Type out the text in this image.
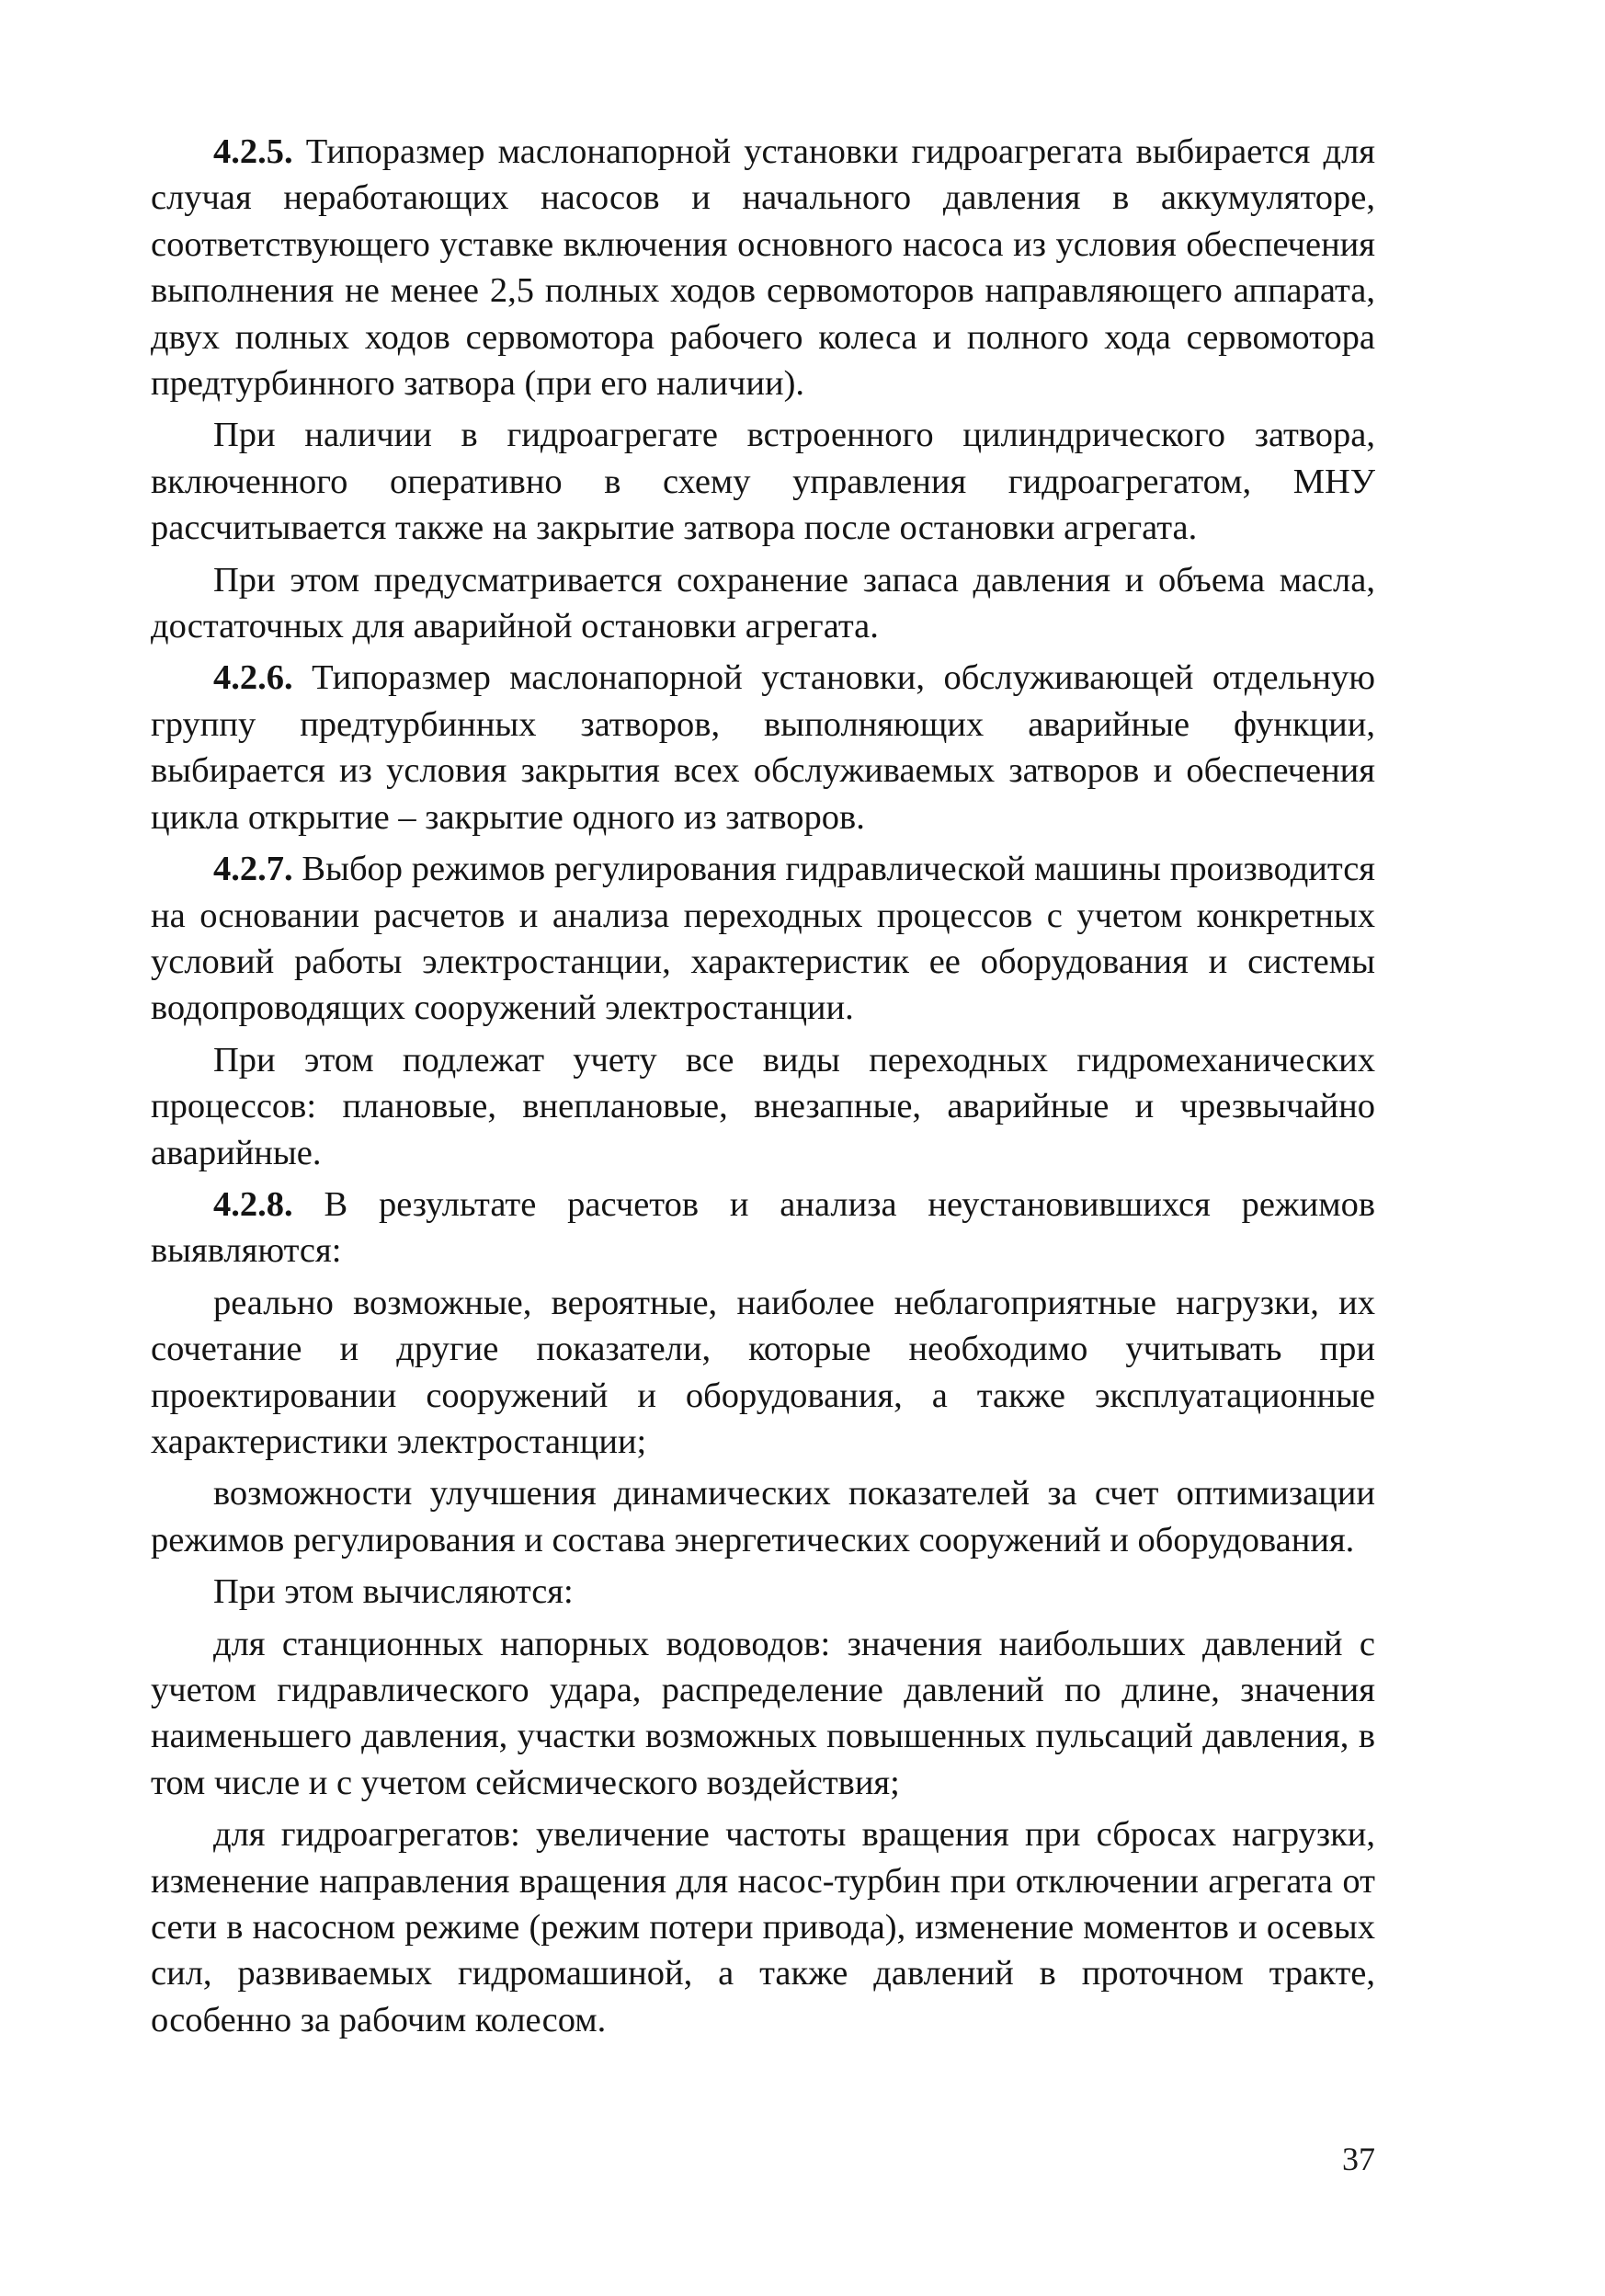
4.2.5. Типоразмер маслонапорной установки гидроагрегата выбирается для случая неработающих насосов и начального давления в аккумуляторе, соответствующего уставке включения основного насоса из условия обеспечения выполнения не менее 2,5 полных ходов сервомоторов направляющего аппарата, двух полных ходов сервомотора рабочего колеса и полного хода сервомотора предтурбинного затвора (при его наличии).

При наличии в гидроагрегате встроенного цилиндрического затвора, включенного оперативно в схему управления гидроагрегатом, МНУ рассчитывается также на закрытие затвора после остановки агрегата.

При этом предусматривается сохранение запаса давления и объема масла, достаточных для аварийной остановки агрегата.

4.2.6. Типоразмер маслонапорной установки, обслуживающей отдельную группу предтурбинных затворов, выполняющих аварийные функции, выбирается из условия закрытия всех обслуживаемых затворов и обеспечения цикла открытие – закрытие одного из затворов.

4.2.7. Выбор режимов регулирования гидравлической машины производится на основании расчетов и анализа переходных процессов с учетом конкретных условий работы электростанции, характеристик ее оборудования и системы водопроводящих сооружений электростанции.

При этом подлежат учету все виды переходных гидромеханических процессов: плановые, внеплановые, внезапные, аварийные и чрезвычайно аварийные.

4.2.8. В результате расчетов и анализа неустановившихся режимов выявляются:

реально возможные, вероятные, наиболее неблагоприятные нагрузки, их сочетание и другие показатели, которые необходимо учитывать при проектировании сооружений и оборудования, а также эксплуатационные характеристики электростанции;

возможности улучшения динамических показателей за счет оптимизации режимов регулирования и состава энергетических сооружений и оборудования.

При этом вычисляются:

для станционных напорных водоводов: значения наибольших давлений с учетом гидравлического удара, распределение давлений по длине, значения наименьшего давления, участки возможных повышенных пульсаций давления, в том числе и с учетом сейсмического воздействия;

для гидроагрегатов: увеличение частоты вращения при сбросах нагрузки, изменение направления вращения для насос-турбин при отключении агрегата от сети в насосном режиме (режим потери привода), изменение моментов и осевых сил, развиваемых гидромашиной, а также давлений в проточном тракте, особенно за рабочим колесом.

37
